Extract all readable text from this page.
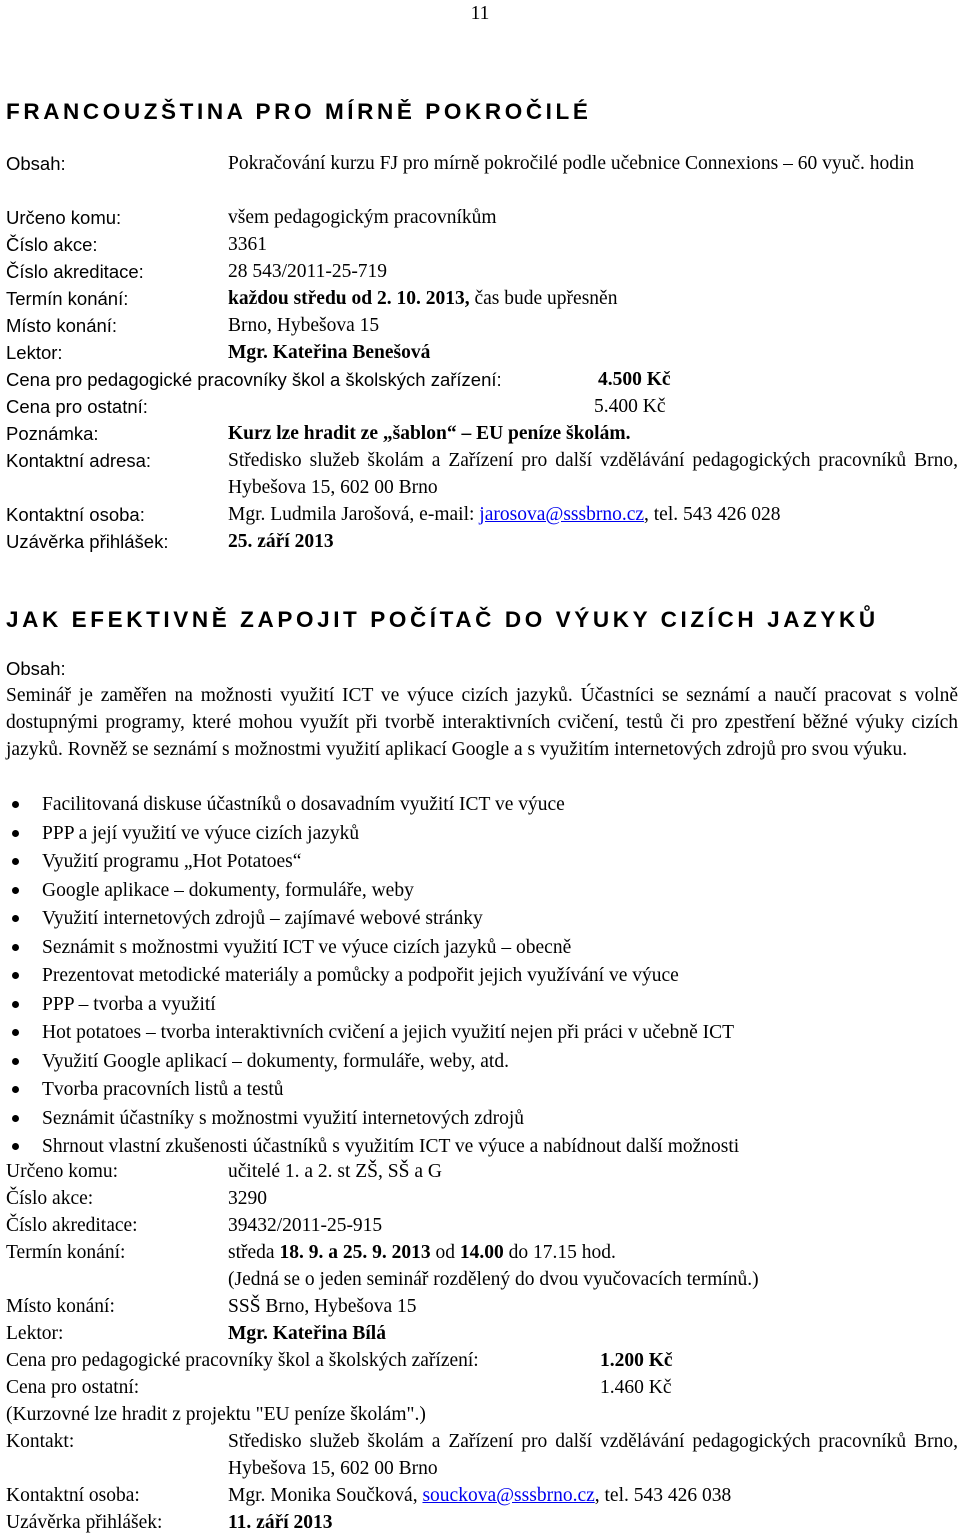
11
FRANCOUZŠTINA PRO MÍRNĚ POKROČILÉ
Obsah:	Pokračování kurzu FJ pro mírně pokročilé podle učebnice Connexions – 60 vyuč. hodin
Určeno komu:	všem pedagogickým pracovníkům
Číslo akce:	3361
Číslo akreditace:	28 543/2011-25-719
Termín konání:	každou středu od 2. 10. 2013, čas bude upřesněn
Místo konání:	Brno, Hybešova 15
Lektor:	Mgr. Kateřina Benešová
Cena pro pedagogické pracovníky škol a školských zařízení:	4.500 Kč
Cena pro ostatní:	5.400 Kč
Poznámka:	Kurz lze hradit ze „šablon“ – EU peníze školám.
Kontaktní adresa:	Středisko služeb školám a Zařízení pro další vzdělávání pedagogických pracovníků Brno, Hybešova 15, 602 00 Brno
Kontaktní osoba:	Mgr. Ludmila Jarošová, e-mail: jarosova@sssbrno.cz, tel. 543 426 028
Uzávěrka přihlášek:	25. září 2013
JAK EFEKTIVNĚ ZAPOJIT POČÍTAČ DO VÝUKY CIZÍCH JAZYKŮ
Obsah:
Seminář je zaměřen na možnosti využití ICT ve výuce cizích jazyků. Účastníci se seznámí a naučí pracovat s volně dostupnými programy, které mohou využít při tvorbě interaktivních cvičení, testů či pro zpestření běžné výuky cizích jazyků. Rovněž se seznámí s možnostmi využití aplikací Google a s využitím internetových zdrojů pro svou výuku.
Facilitovaná diskuse účastníků o dosavadním využití ICT ve výuce
PPP a její využití ve výuce cizích jazyků
Využití programu „Hot Potatoes“
Google aplikace – dokumenty, formuláře, weby
Využití internetových zdrojů – zajímavé webové stránky
Seznámit s možnostmi využití ICT ve výuce cizích jazyků – obecně
Prezentovat metodické materiály a pomůcky a podpořit jejich využívání ve výuce
PPP – tvorba a využití
Hot potatoes – tvorba interaktivních cvičení a jejich využití nejen při práci v učebně ICT
Využití Google aplikací – dokumenty, formuláře, weby, atd.
Tvorba pracovních listů a testů
Seznámit účastníky s možnostmi využití internetových zdrojů
Shrnout vlastní zkušenosti účastníků s využitím ICT ve výuce a nabídnout další možnosti
Určeno komu:	učitelé 1. a 2. st ZŠ, SŠ a G
Číslo akce:	3290
Číslo akreditace:	39432/2011-25-915
Termín konání:	středa 18. 9. a 25. 9. 2013 od 14.00 do 17.15 hod.
(Jedná se o jeden seminář rozdělený do dvou vyučovacích termínů.)
Místo konání:	SSŠ Brno, Hybešova 15
Lektor:	Mgr. Kateřina Bílá
Cena pro pedagogické pracovníky škol a školských zařízení:	1.200 Kč
Cena pro ostatní:	1.460 Kč
(Kurzovné lze hradit z projektu "EU peníze školám".)
Kontakt:	Středisko služeb školám a Zařízení pro další vzdělávání pedagogických pracovníků Brno, Hybešova 15, 602 00 Brno
Kontaktní osoba:	Mgr. Monika Součková, souckova@sssbrno.cz, tel. 543 426 038
Uzávěrka přihlášek:	11. září 2013
